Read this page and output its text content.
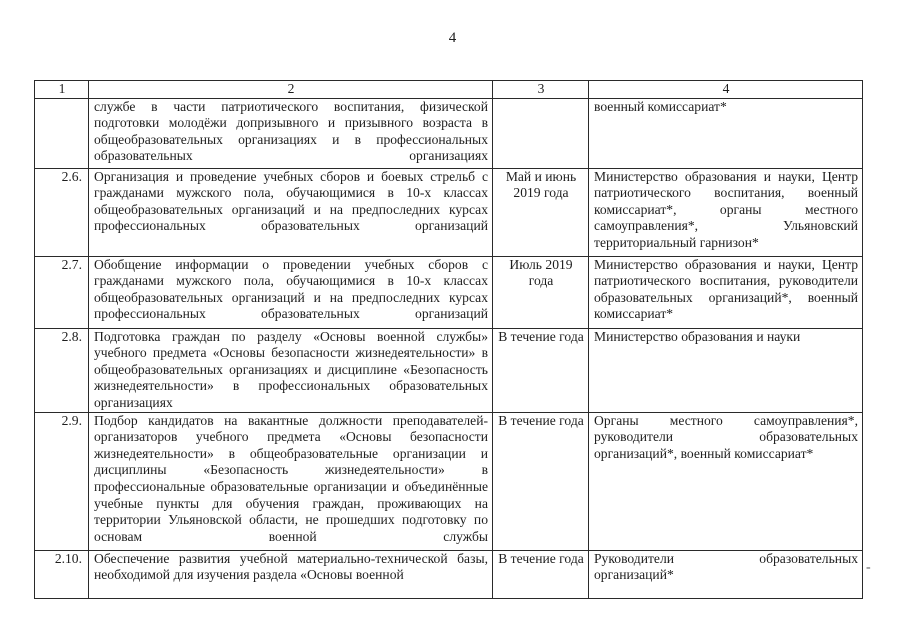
4
1	2	3	4
	службе в части патриотического воспитания, физической подготовки молодёжи допризывного и призывного возраста в общеобразовательных организациях и в профессиональных образовательных организациях		военный комиссариат*
2.6.	Организация и проведение учебных сборов и боевых стрельб с гражданами мужского пола, обучающимися в 10-х классах общеобразовательных организаций и на предпоследних курсах профессиональных образовательных организаций	Май и июнь 2019 года	Министерство образования и науки, Центр патриотического воспитания, военный комиссариат*, органы местного самоуправления*, Ульяновский территориальный гарнизон*
2.7.	Обобщение информации о проведении учебных сборов с гражданами мужского пола, обучающимися в 10-х классах общеобразовательных организаций и на предпоследних курсах профессиональных образовательных организаций	Июль 2019 года	Министерство образования и науки, Центр патриотического воспитания, руководители образовательных организаций*, военный комиссариат*
2.8.	Подготовка граждан по разделу «Основы военной службы» учебного предмета «Основы безопасности жизнедеятельности» в общеобразовательных организациях и дисциплине «Безопасность жизнедеятельности» в профессиональных образовательных организациях	В течение года	Министерство образования и науки
2.9.	Подбор кандидатов на вакантные должности преподавателей-организаторов учебного предмета «Основы безопасности жизнедеятельности» в общеобразовательные организации и дисциплины «Безопасность жизнедеятельности» в профессиональные образовательные организации и объединённые учебные пункты для обучения граждан, проживающих на территории Ульяновской области, не прошедших подготовку по основам военной службы	В течение года	Органы местного самоуправления*, руководители образовательных организаций*, военный комиссариат*
2.10.	Обеспечение развития учебной материально-технической базы, необходимой для изучения раздела «Основы военной	В течение года	Руководители образовательных организаций*	-
